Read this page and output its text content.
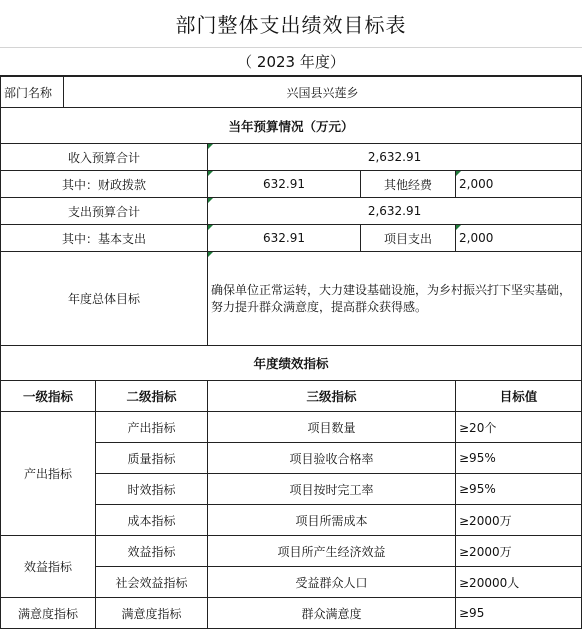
部门整体支出绩效目标表
（ 2023 年度）
部门名称	兴国县兴莲乡				
当年预算情况（万元）					
收入预算合计			2,632.91		
其中：财政拨款			632.91	其他经费	2,000
支出预算合计			2,632.91		
其中：基本支出			632.91	项目支出	2,000
年度总体目标			确保单位正常运转，大力建设基础设施，为乡村振兴打下坚实基础，努力提升群众满意度，提高群众获得感。		
年度绩效指标					
一级指标		二级指标	三级指标		目标值
产出指标		产出指标	项目数量		≥20个
		质量指标	项目验收合格率		≥95%
		时效指标	项目按时完工率		≥95%
		成本指标	项目所需成本		≥2000万
效益指标		效益指标	项目所产生经济效益		≥2000万
		社会效益指标	受益群众人口		≥20000人
满意度指标		满意度指标	群众满意度		≥95
